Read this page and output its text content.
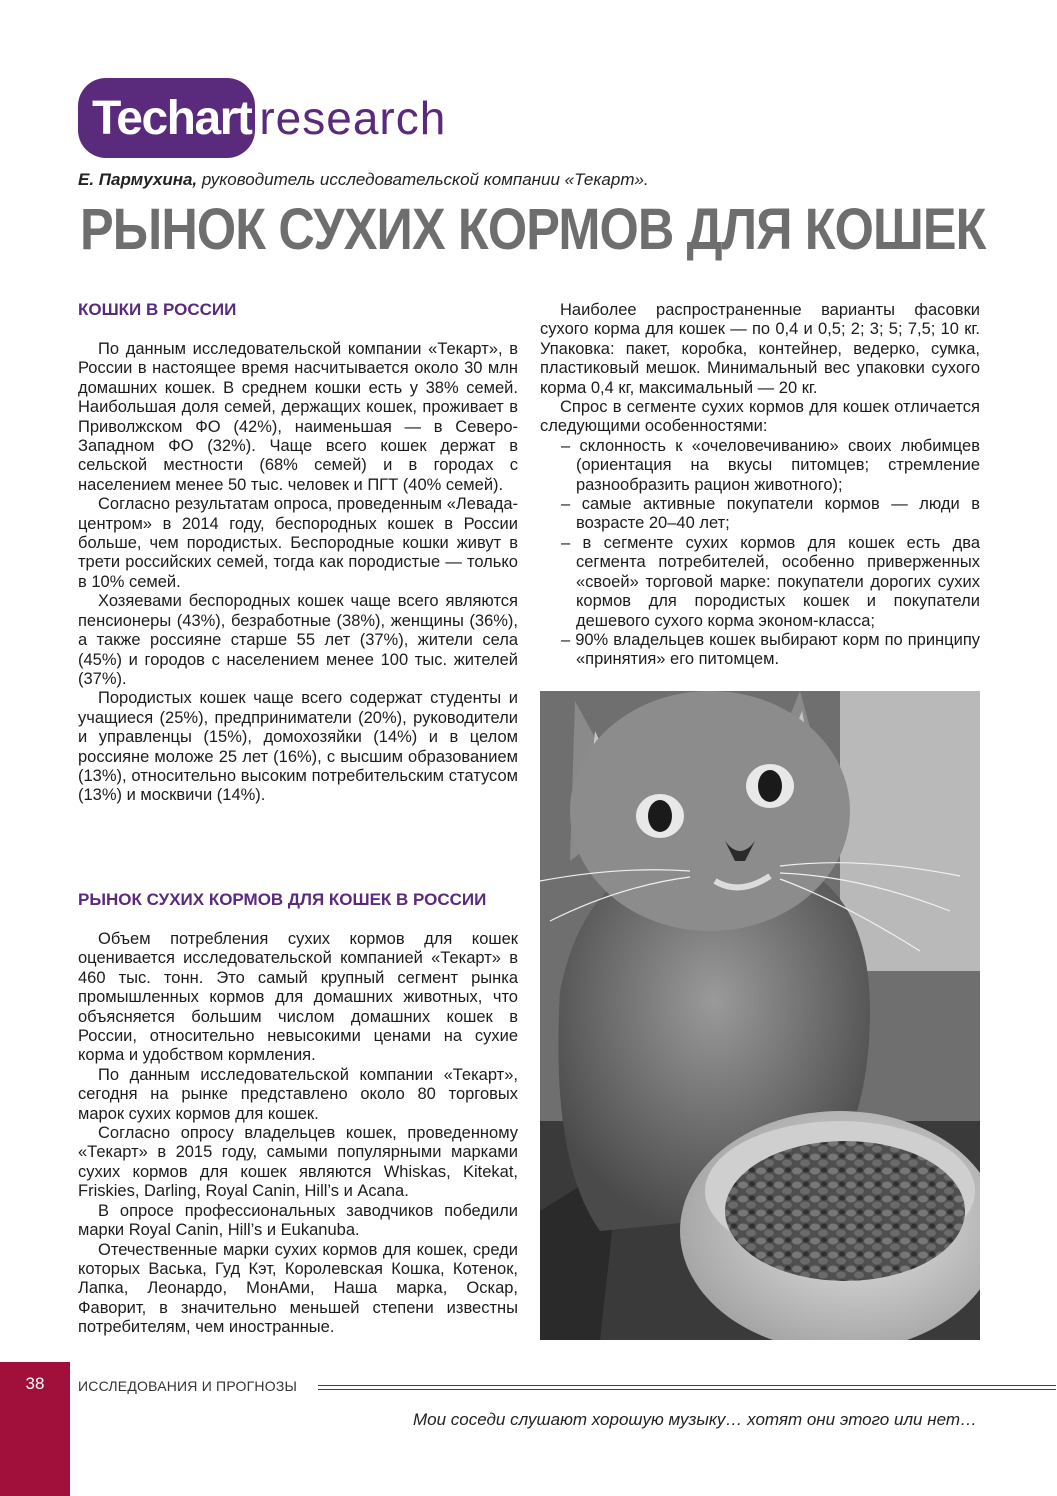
Techart research
Е. Пармухина, руководитель исследовательской компании «Текарт».
РЫНОК СУХИХ КОРМОВ ДЛЯ КОШЕК
КОШКИ В РОССИИ

По данным исследовательской компании «Текарт», в России в настоящее время насчитывается около 30 млн домашних кошек. В среднем кошки есть у 38% семей. Наибольшая доля семей, держащих кошек, проживает в Приволжском ФО (42%), наименьшая — в Северо-Западном ФО (32%). Чаще всего кошек держат в сельской местности (68% семей) и в городах с населением менее 50 тыс. человек и ПГТ (40% семей).

Согласно результатам опроса, проведенным «Левада-центром» в 2014 году, беспородных кошек в России больше, чем породистых. Беспородные кошки живут в трети российских семей, тогда как породистые — только в 10% семей.

Хозяевами беспородных кошек чаще всего являются пенсионеры (43%), безработные (38%), женщины (36%), а также россияне старше 55 лет (37%), жители села (45%) и городов с населением менее 100 тыс. жителей (37%).

Породистых кошек чаще всего содержат студенты и учащиеся (25%), предприниматели (20%), руководители и управленцы (15%), домохозяйки (14%) и в целом россияне моложе 25 лет (16%), с высшим образованием (13%), относительно высоким потребительским статусом (13%) и москвичи (14%).

РЫНОК СУХИХ КОРМОВ ДЛЯ КОШЕК В РОССИИ

Объем потребления сухих кормов для кошек оценивается исследовательской компанией «Текарт» в 460 тыс. тонн. Это самый крупный сегмент рынка промышленных кормов для домашних животных, что объясняется большим числом домашних кошек в России, относительно невысокими ценами на сухие корма и удобством кормления.

По данным исследовательской компании «Текарт», сегодня на рынке представлено около 80 торговых марок сухих кормов для кошек.

Согласно опросу владельцев кошек, проведенному «Текарт» в 2015 году, самыми популярными марками сухих кормов для кошек являются Whiskas, Kitekat, Friskies, Darling, Royal Canin, Hill’s и Acana.

В опросе профессиональных заводчиков победили марки Royal Canin, Hill’s и Eukanuba.

Отечественные марки сухих кормов для кошек, среди которых Васька, Гуд Кэт, Королевская Кошка, Котенок, Лапка, Леонардо, МонАми, Наша марка, Оскар, Фаворит, в значительно меньшей степени известны потребителям, чем иностранные.

Наиболее распространенные варианты фасовки сухого корма для кошек — по 0,4 и 0,5; 2; 3; 5; 7,5; 10 кг. Упаковка: пакет, коробка, контейнер, ведерко, сумка, пластиковый мешок. Минимальный вес упаковки сухого корма 0,4 кг, максимальный — 20 кг.

Спрос в сегменте сухих кормов для кошек отличается следующими особенностями:

– склонность к «очеловечиванию» своих любимцев (ориентация на вкусы питомцев; стремление разнообразить рацион животного);
– самые активные покупатели кормов — люди в возрасте 20–40 лет;
– в сегменте сухих кормов для кошек есть два сегмента потребителей, особенно приверженных «своей» торговой марке: покупатели дорогих сухих кормов для породистых кошек и покупатели дешевого сухого корма эконом-класса;
– 90% владельцев кошек выбирают корм по принципу «принятия» его питомцем.
38	ИССЛЕДОВАНИЯ И ПРОГНОЗЫ
Мои соседи слушают хорошую музыку… хотят они этого или нет…
